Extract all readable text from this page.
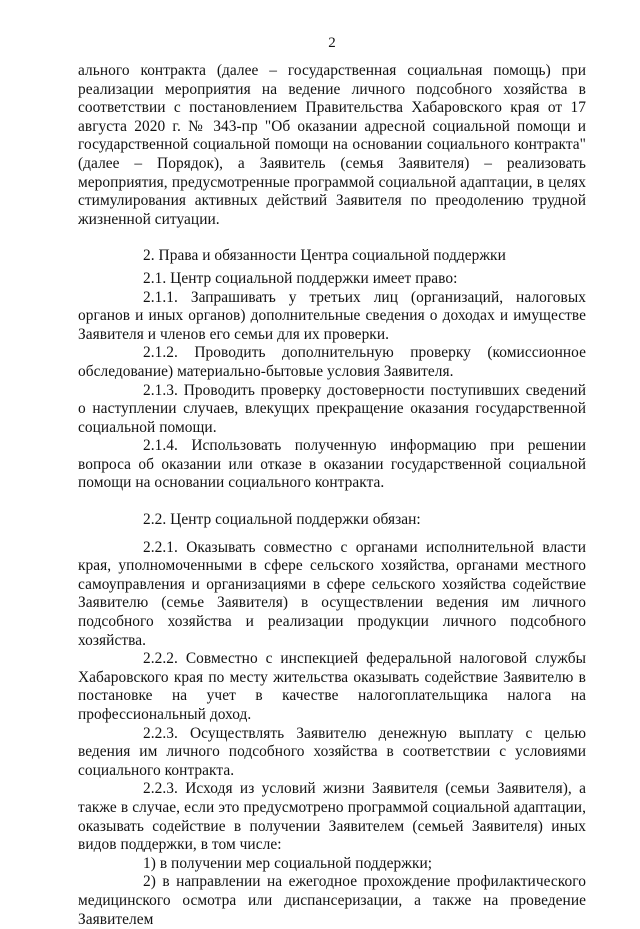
2

ального контракта (далее – государственная социальная помощь) при реализации мероприятия на ведение личного подсобного хозяйства в соответствии с постановлением Правительства Хабаровского края от 17 августа 2020 г. № 343-пр "Об оказании адресной социальной помощи и государственной социальной помощи на основании социального контракта" (далее – Порядок), а Заявитель (семья Заявителя) – реализовать мероприятия, предусмотренные программой социальной адаптации, в целях стимулирования активных действий Заявителя по преодолению трудной жизненной ситуации.

2. Права и обязанности Центра социальной поддержки

2.1. Центр социальной поддержки имеет право:

2.1.1. Запрашивать у третьих лиц (организаций, налоговых органов и иных органов) дополнительные сведения о доходах и имуществе Заявителя и членов его семьи для их проверки.

2.1.2. Проводить дополнительную проверку (комиссионное обследование) материально-бытовые условия Заявителя.

2.1.3. Проводить проверку достоверности поступивших сведений о наступлении случаев, влекущих прекращение оказания государственной социальной помощи.

2.1.4. Использовать полученную информацию при решении вопроса об оказании или отказе в оказании государственной социальной помощи на основании социального контракта.

2.2. Центр социальной поддержки обязан:

2.2.1. Оказывать совместно с органами исполнительной власти края, уполномоченными в сфере сельского хозяйства, органами местного самоуправления и организациями в сфере сельского хозяйства содействие Заявителю (семье Заявителя) в осуществлении ведения им личного подсобного хозяйства и реализации продукции личного подсобного хозяйства.

2.2.2. Совместно с инспекцией федеральной налоговой службы Хабаровского края по месту жительства оказывать содействие Заявителю в постановке на учет в качестве налогоплательщика налога на профессиональный доход.

2.2.3. Осуществлять Заявителю денежную выплату с целью ведения им личного подсобного хозяйства в соответствии с условиями социального контракта.

2.2.3. Исходя из условий жизни Заявителя (семьи Заявителя), а также в случае, если это предусмотрено программой социальной адаптации, оказывать содействие в получении Заявителем (семьей Заявителя) иных видов поддержки, в том числе:

1) в получении мер социальной поддержки;

2) в направлении на ежегодное прохождение профилактического медицинского осмотра или диспансеризации, а также на проведение Заявителем
